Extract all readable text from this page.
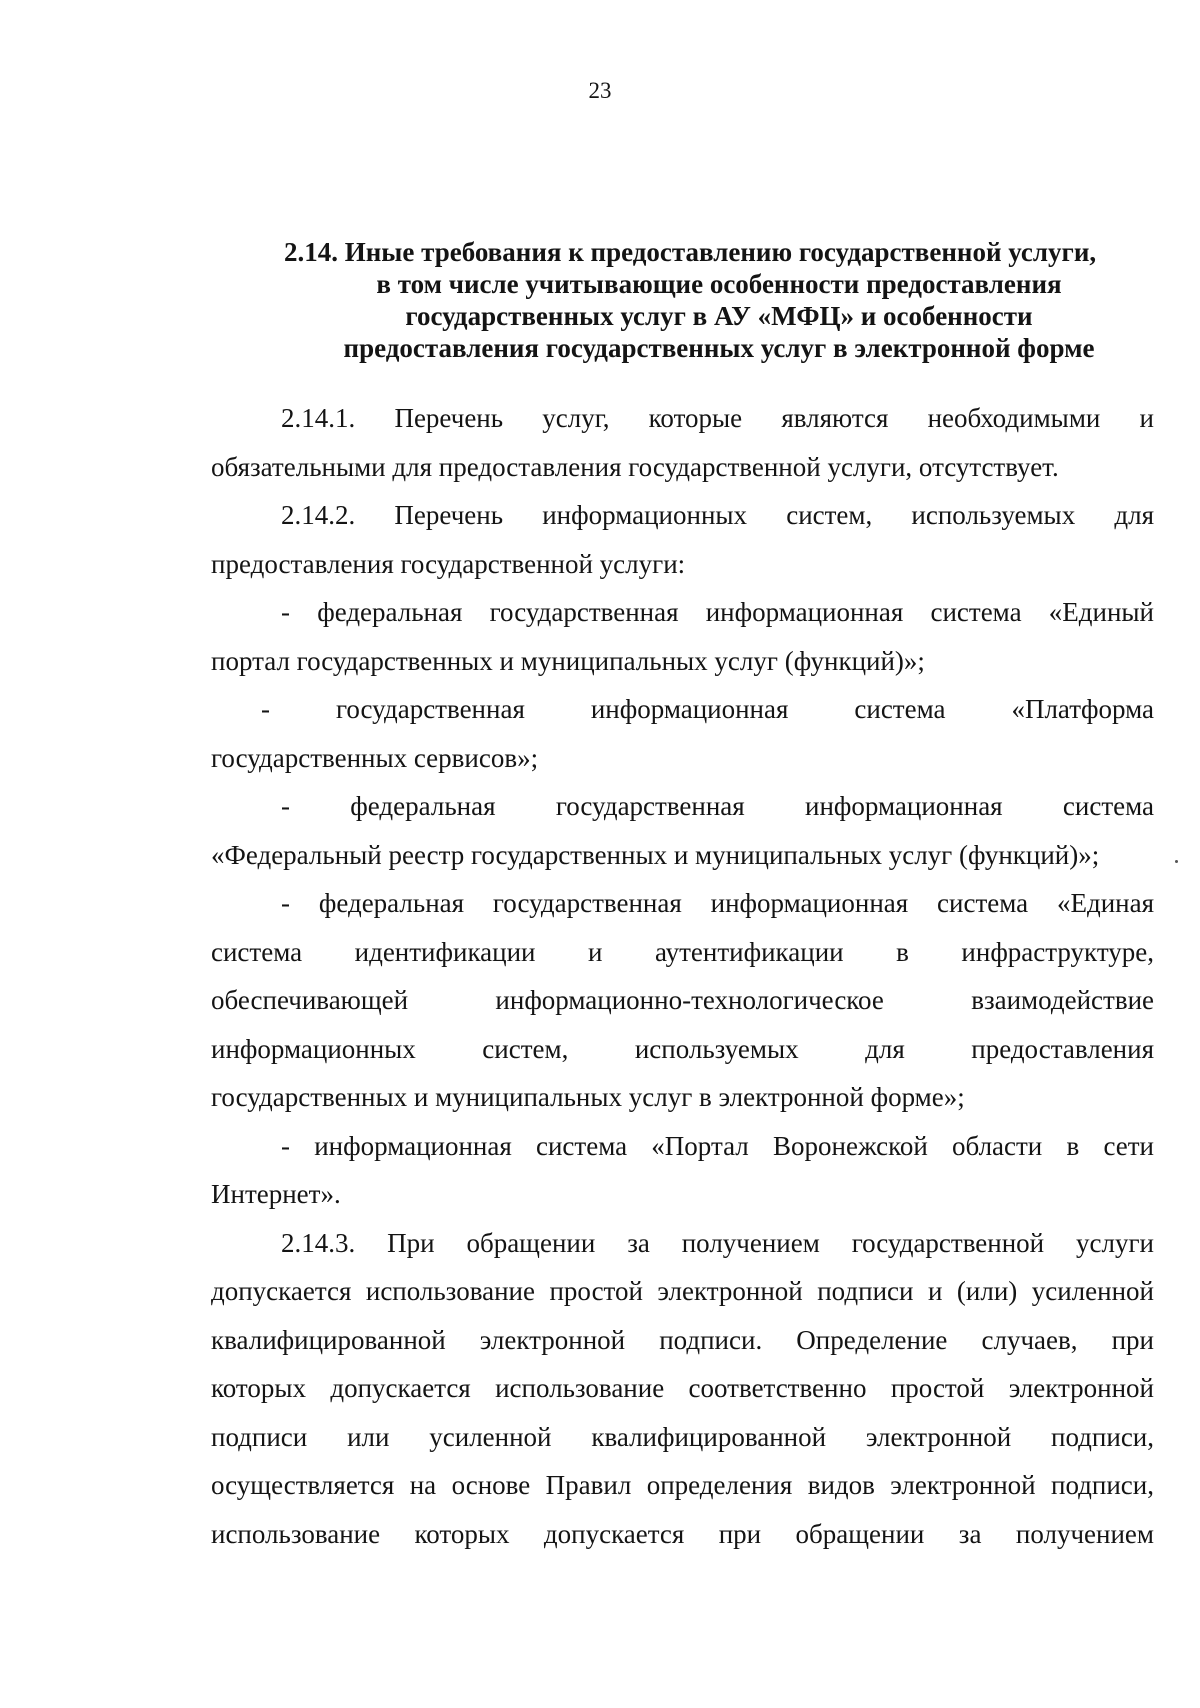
23
2.14. Иные требования к предоставлению государственной услуги,
в том числе учитывающие особенности предоставления
государственных услуг в АУ «МФЦ» и особенности
предоставления государственных услуг в электронной форме

2.14.1. Перечень услуг, которые являются необходимыми и
обязательными для предоставления государственной услуги, отсутствует.

2.14.2. Перечень информационных систем, используемых для
предоставления государственной услуги:

- федеральная государственная информационная система «Единый
портал государственных и муниципальных услуг (функций)»;

- государственная информационная система «Платформа
государственных сервисов»;

- федеральная государственная информационная система
«Федеральный реестр государственных и муниципальных услуг (функций)»;

- федеральная государственная информационная система «Единая
система идентификации и аутентификации в инфраструктуре,
обеспечивающей информационно-технологическое взаимодействие
информационных систем, используемых для предоставления
государственных и муниципальных услуг в электронной форме»;

- информационная система «Портал Воронежской области в сети
Интернет».

2.14.3. При обращении за получением государственной услуги
допускается использование простой электронной подписи и (или) усиленной
квалифицированной электронной подписи. Определение случаев, при
которых допускается использование соответственно простой электронной
подписи или усиленной квалифицированной электронной подписи,
осуществляется на основе Правил определения видов электронной подписи,
использование которых допускается при обращении за получением
